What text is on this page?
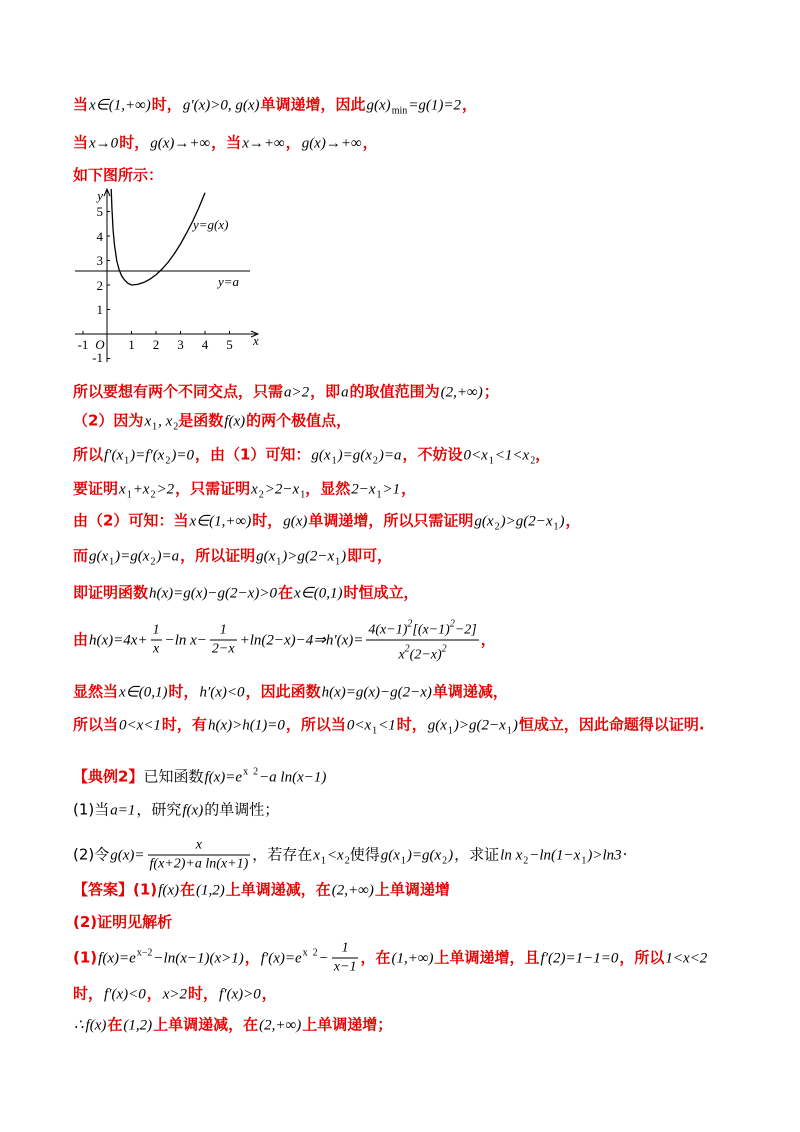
当x∈(1,+∞)时，g′(x)>0, g(x)单调递增，因此$g(x)_{min}=g(1)=2$，
当x→0时，g(x)→+∞，当x→+∞，g(x)→+∞，
如下图所示：
y
x
O
-1	1 2 3 4 5
5
4
3
2
1
-1
y=g(x)
y=a
所以要想有两个不同交点，只需a>2，即a的取值范围为(2,+∞)；
（2）因为$x_1$, $x_2$是函数f(x)的两个极值点，
所以$f'(x_1)=f'(x_2)=0$，由（1）可知：$g(x_1)=g(x_2)=a$，不妨设$0<x_1<1<x_2$，
要证明$x_1+x_2>2$，只需证明$x_2>2-x_1$，显然$2-x_1>1$，
由（2）可知：当x∈(1,+∞)时，g(x)单调递增，所以只需证明$g(x_2)>g(2-x_1)$，
而$g(x_1)=g(x_2)=a$，所以证明$g(x_1)>g(2-x_1)$即可，
即证明函数h(x)=g(x)−g(2−x)>0在x∈(0,1)时恒成立，
由$h(x)=4x+ \frac{1}{x} -\ln$ $x- \frac{1}{2-x}$ +ln(2−x)−4⇒h′(x)= $\frac{4(x-1)^2[(x-1)^2-2]}{x^2(2-x)^2}$ ，
显然当x∈(0,1)时，h′(x)<0，因此函数h(x)=g(x)−g(2−x)单调递减，
所以当0<x<1时，有h(x)>h(1)=0，所以当$0<x_1<1$时，$g(x_1)>g(2-x_1)$恒成立，因此命题得以证明.
【典例2】已知函数$f(x)=e^{x 2}-a$ ln(x−1)
(1)当a=1，研究f(x)的单调性；
(2)令$g(x)= \frac{x}{\text{f(x+2)+a ln(x+1)}}$ ，若存在$x_1<x_2$使得$g(x_1)=g(x_2)$，求证$\ln x_2-\ln(1-x_1)>\ln 3\cdot$
【答案】(1)f(x)在(1,2)上单调递减，在(2,+∞)上单调递增
(2)证明见解析
$(1)f(x)=e^{x-2}-\ln(x-1)(x>1)$，$f'(x)=e^{x 2}- \frac{1}{x-1}$ ，在(1,+∞)上单调递增，且f′(2)=1−1=0，所以1<x<2
时，f′(x)<0，x>2时，f′(x)>0，
∴ f(x)在(1,2)上单调递减，在(2,+∞)上单调递增；
